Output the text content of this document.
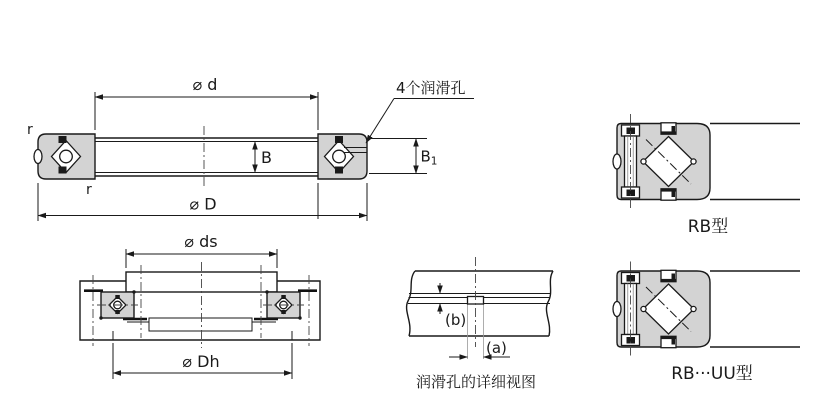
⌀ d
⌀ D
B	$B_1$
r
r
4个润滑孔
⌀ ds
⌀ Dh
(b)
(a)
润滑孔的详细视图
RB型
RB···UU型
